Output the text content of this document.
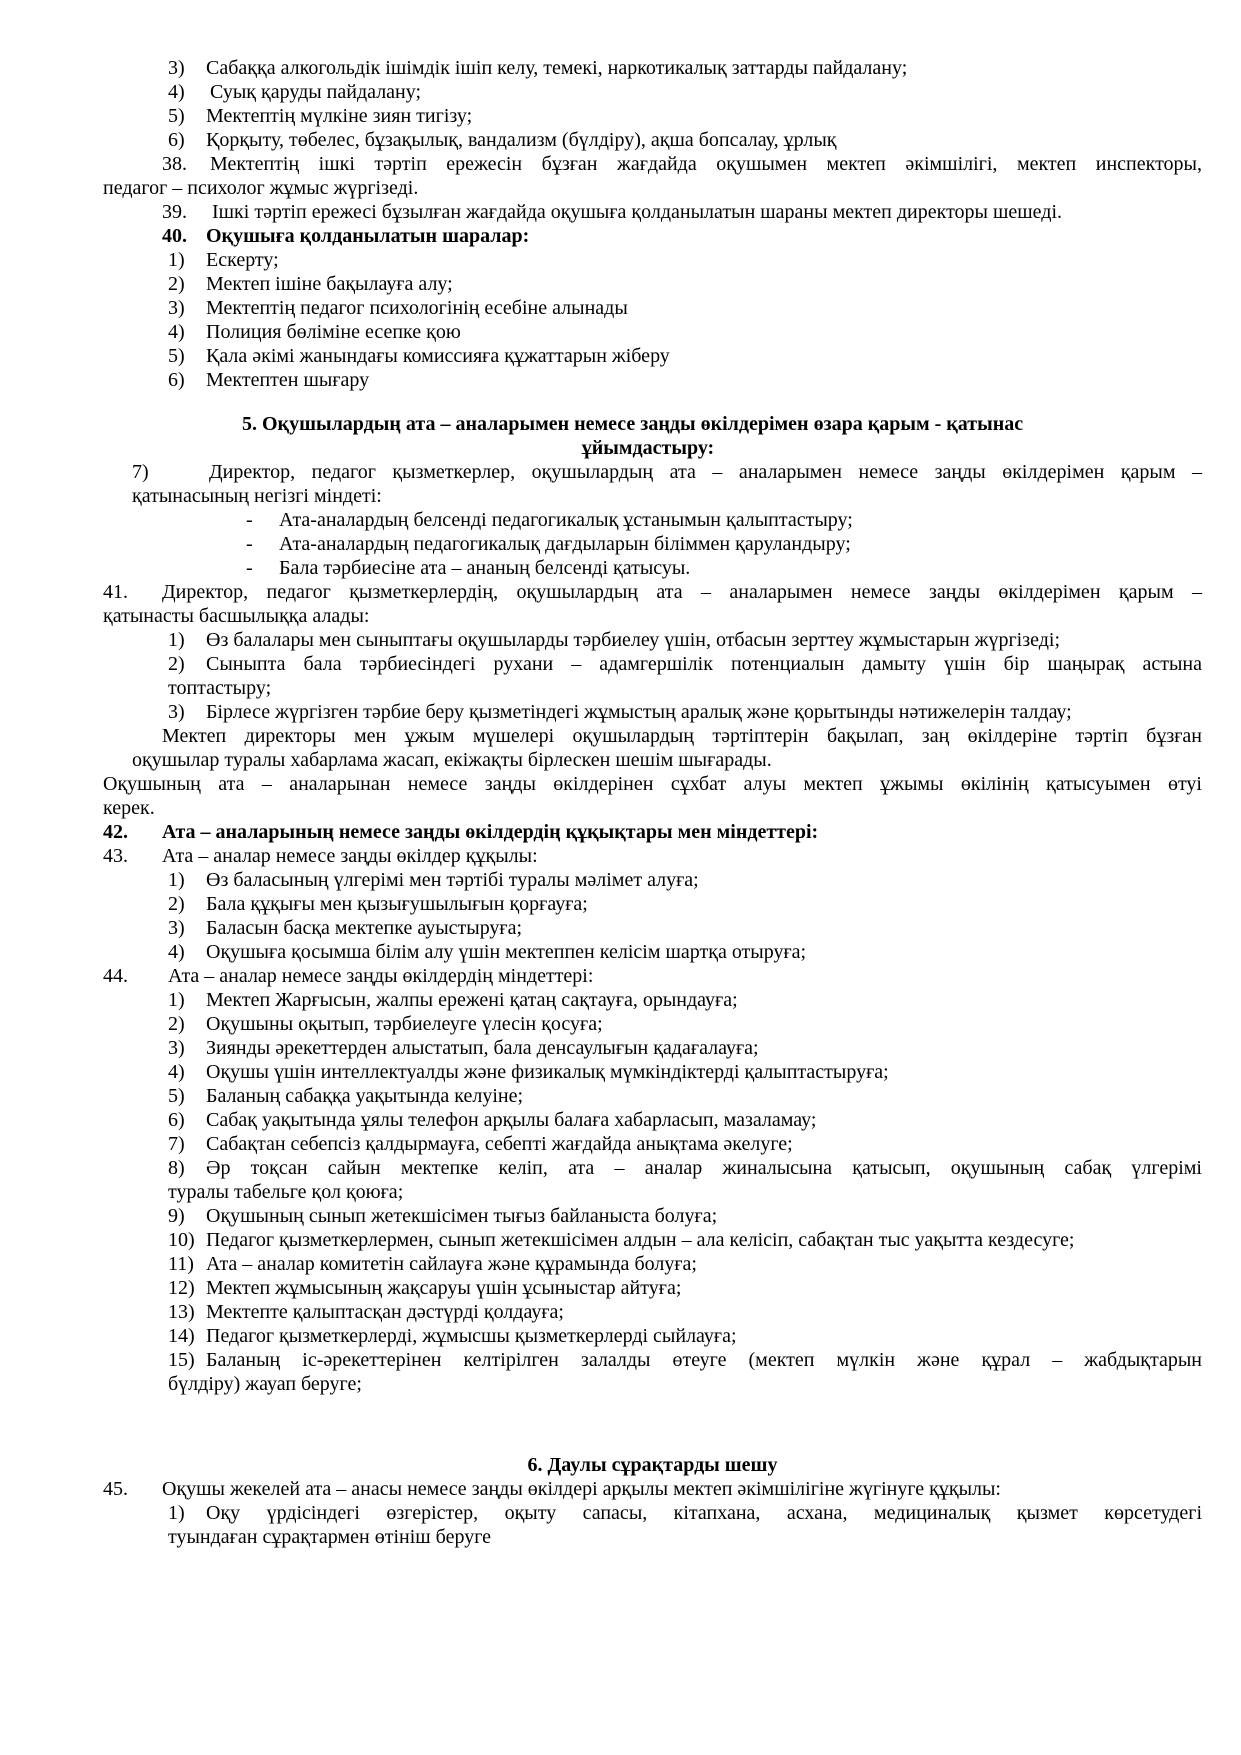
3) Сабаққа алкогольдік ішімдік ішіп келу, темекі, наркотикалық заттарды пайдалану;
4) Суық қаруды пайдалану;
5) Мектептің мүлкіне зиян тигізу;
6) Қорқыту, төбелес, бұзақылық, вандализм (бүлдіру), ақша бопсалау, ұрлық
38. Мектептің ішкі тәртіп ережесін бұзған жағдайда оқушымен мектеп әкімшілігі, мектеп инспекторы,
педагог – психолог жұмыс жүргізеді.
39. Ішкі тәртіп ережесі бұзылған жағдайда оқушыға қолданылатын шараны мектеп директоры шешеді.
40. Оқушыға қолданылатын шаралар:
1) Ескерту;
2) Мектеп ішіне бақылауға алу;
3) Мектептің педагог психологінің есебіне алынады
4) Полиция бөліміне есепке қою
5) Қала әкімі жанындағы комиссияға құжаттарын жіберу
6) Мектептен шығару
5. Оқушылардың ата – аналарымен немесе заңды өкілдерімен өзара қарым - қатынас
ұйымдастыру:
7)	Директор, педагог қызметкерлер, оқушылардың ата – аналарымен немесе заңды өкілдерімен қарым –
қатынасының негізгі міндеті:
- Ата-аналардың белсенді педагогикалық ұстанымын қалыптастыру;
- Ата-аналардың педагогикалық дағдыларын біліммен қаруландыру;
- Бала тәрбиесіне ата – ананың белсенді қатысуы.
41. Директор, педагог қызметкерлердің, оқушылардың ата – аналарымен немесе заңды өкілдерімен қарым –
қатынасты басшылыққа алады:
1) Өз балалары мен сыныптағы оқушыларды тәрбиелеу үшін, отбасын зерттеу жұмыстарын жүргізеді;
2) Сыныпта бала тәрбиесіндегі рухани – адамгершілік потенциалын дамыту үшін бір шаңырақ астына
топтастыру;
3) Бірлесе жүргізген тәрбие беру қызметіндегі жұмыстың аралық және қорытынды нәтижелерін талдау;
Мектеп директоры мен ұжым мүшелері оқушылардың тәртіптерін бақылап, заң өкілдеріне тәртіп бұзған
оқушылар туралы хабарлама жасап, екіжақты бірлескен шешім шығарады.
Оқушының ата – аналарынан немесе заңды өкілдерінен сұхбат алуы мектеп ұжымы өкілінің қатысуымен өтуі
керек.
42. Ата – аналарының немесе заңды өкілдердің құқықтары мен міндеттері:
43. Ата – аналар немесе заңды өкілдер құқылы:
1) Өз баласының үлгерімі мен тәртібі туралы мәлімет алуға;
2) Бала құқығы мен қызығушылығын қорғауға;
3) Баласын басқа мектепке ауыстыруға;
4) Оқушыға қосымша білім алу үшін мектеппен келісім шартқа отыруға;
44. Ата – аналар немесе заңды өкілдердің міндеттері:
1) Мектеп Жарғысын, жалпы ережені қатаң сақтауға, орындауға;
2) Оқушыны оқытып, тәрбиелеуге үлесін қосуға;
3) Зиянды әрекеттерден алыстатып, бала денсаулығын қадағалауға;
4) Оқушы үшін интеллектуалды және физикалық мүмкіндіктерді қалыптастыруға;
5) Баланың сабаққа уақытында келуіне;
6) Сабақ уақытында ұялы телефон арқылы балаға хабарласып, мазаламау;
7) Сабақтан себепсіз қалдырмауға, себепті жағдайда анықтама әкелуге;
8) Әр тоқсан сайын мектепке келіп, ата – аналар жиналысына қатысып, оқушының сабақ үлгерімі
туралы табельге қол қоюға;
9) Оқушының сынып жетекшісімен тығыз байланыста болуға;
10) Педагог қызметкерлермен, сынып жетекшісімен алдын – ала келісіп, сабақтан тыс уақытта кездесуге;
11) Ата – аналар комитетін сайлауға және құрамында болуға;
12) Мектеп жұмысының жақсаруы үшін ұсыныстар айтуға;
13) Мектепте қалыптасқан дәстүрді қолдауға;
14) Педагог қызметкерлерді, жұмысшы қызметкерлерді сыйлауға;
15) Баланың іс-әрекеттерінен келтірілген залалды өтеуге (мектеп мүлкін және құрал – жабдықтарын
бүлдіру) жауап беруге;
6. Даулы сұрақтарды шешу
45. Оқушы жекелей ата – анасы немесе заңды өкілдері арқылы мектеп әкімшілігіне жүгінуге құқылы:
1) Оқу үрдісіндегі өзгерістер, оқыту сапасы, кітапхана, асхана, медициналық қызмет көрсетудегі
туындаған сұрақтармен өтініш беруге
